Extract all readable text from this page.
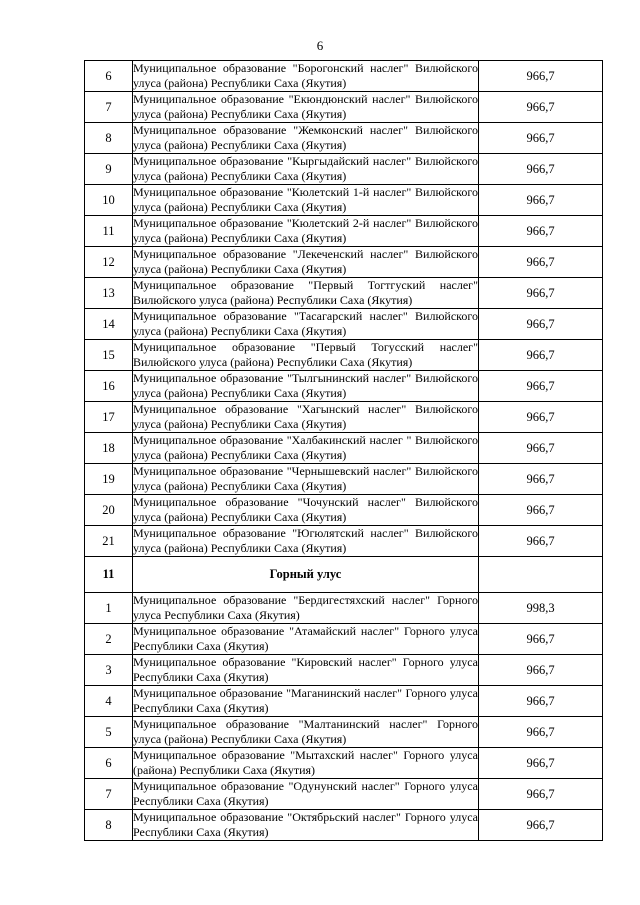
6
6	Муниципальное образование "Борогонский наслег" Вилюйского улуса (района) Республики Саха (Якутия)	966,7
7	Муниципальное образование "Екюндюнский наслег" Вилюйского улуса (района) Республики Саха (Якутия)	966,7
8	Муниципальное образование "Жемконский наслег" Вилюйского улуса (района) Республики Саха (Якутия)	966,7
9	Муниципальное образование "Кыргыдайский наслег" Вилюйского улуса (района) Республики Саха (Якутия)	966,7
10	Муниципальное образование "Кюлетский 1-й наслег" Вилюйского улуса (района) Республики Саха (Якутия)	966,7
11	Муниципальное образование "Кюлетский 2-й наслег" Вилюйского улуса (района) Республики Саха (Якутия)	966,7
12	Муниципальное образование "Лекеченский наслег" Вилюйского улуса (района) Республики Саха (Якутия)	966,7
13	Муниципальное образование "Первый Тогтгуский наслег" Вилюйского улуса (района) Республики Саха (Якутия)	966,7
14	Муниципальное образование "Тасагарский наслег" Вилюйского улуса (района) Республики Саха (Якутия)	966,7
15	Муниципальное образование "Первый Тогусский наслег" Вилюйского улуса (района) Республики Саха (Якутия)	966,7
16	Муниципальное образование "Тылгынинский наслег" Вилюйского улуса (района) Республики Саха (Якутия)	966,7
17	Муниципальное образование "Хагынский наслег" Вилюйского улуса (района) Республики Саха (Якутия)	966,7
18	Муниципальное образование "Халбакинский наслег " Вилюйского улуса (района) Республики Саха (Якутия)	966,7
19	Муниципальное образование "Чернышевский наслег" Вилюйского улуса (района) Республики Саха (Якутия)	966,7
20	Муниципальное образование "Чочунский наслег" Вилюйского улуса (района) Республики Саха (Якутия)	966,7
21	Муниципальное образование "Югюлятский наслег" Вилюйского улуса (района) Республики Саха (Якутия)	966,7
11	Горный улус	
1	Муниципальное образование "Бердигестяхский наслег" Горного улуса Республики Саха (Якутия)	998,3
2	Муниципальное образование "Атамайский наслег" Горного улуса Республики Саха (Якутия)	966,7
3	Муниципальное образование "Кировский наслег" Горного улуса Республики Саха (Якутия)	966,7
4	Муниципальное образование "Маганинский наслег" Горного улуса Республики Саха (Якутия)	966,7
5	Муниципальное образование "Малтанинский наслег" Горного улуса (района) Республики Саха (Якутия)	966,7
6	Муниципальное образование "Мытахский наслег" Горного улуса (района) Республики Саха (Якутия)	966,7
7	Муниципальное образование "Одунунский наслег" Горного улуса Республики Саха (Якутия)	966,7
8	Муниципальное образование "Октябрьский наслег" Горного улуса Республики Саха (Якутия)	966,7
